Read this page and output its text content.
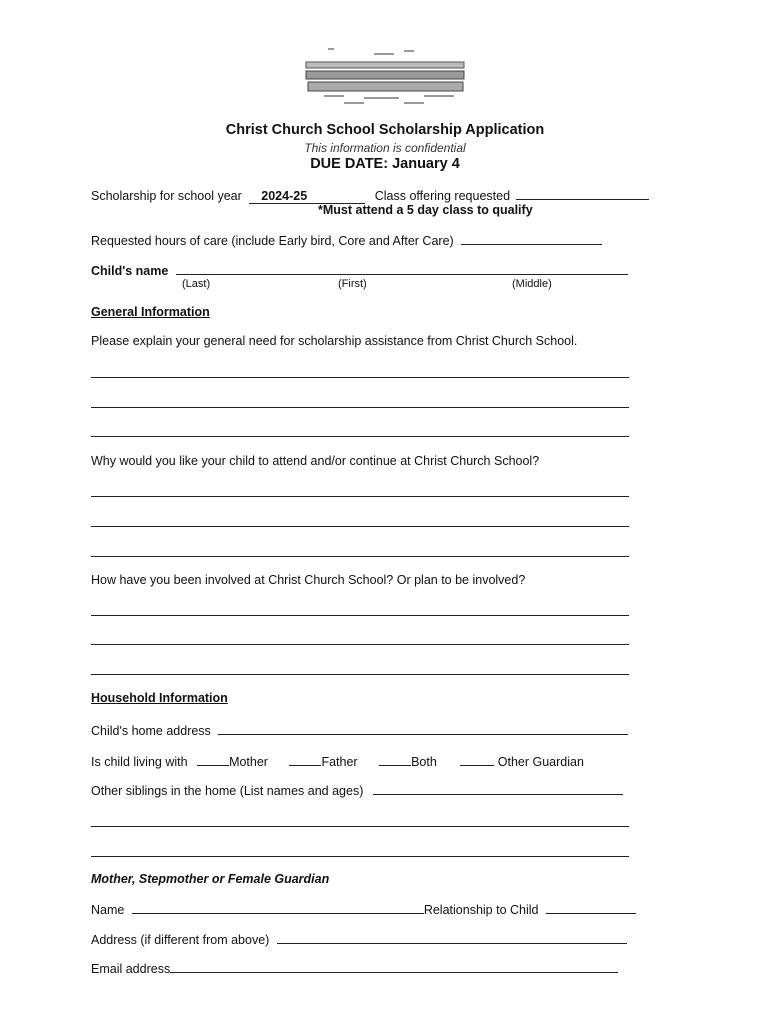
Christ Church School Scholarship Application
This information is confidential
DUE DATE: January 4
Scholarship for school year 2024-25	Class offering requested
*Must attend a 5 day class to qualify
Requested hours of care (include Early bird, Core and After Care)
Child's name
(Last)	(First)	(Middle)
General Information
Please explain your general need for scholarship assistance from Christ Church School.
Why would you like your child to attend and/or continue at Christ Church School?
How have you been involved at Christ Church School? Or plan to be involved?
Household Information
Child's home address
Is child living with	Mother	Father	Both	Other Guardian
Other siblings in the home (List names and ages)
Mother, Stepmother or Female Guardian
Name	Relationship to Child
Address (if different from above)
Email address
